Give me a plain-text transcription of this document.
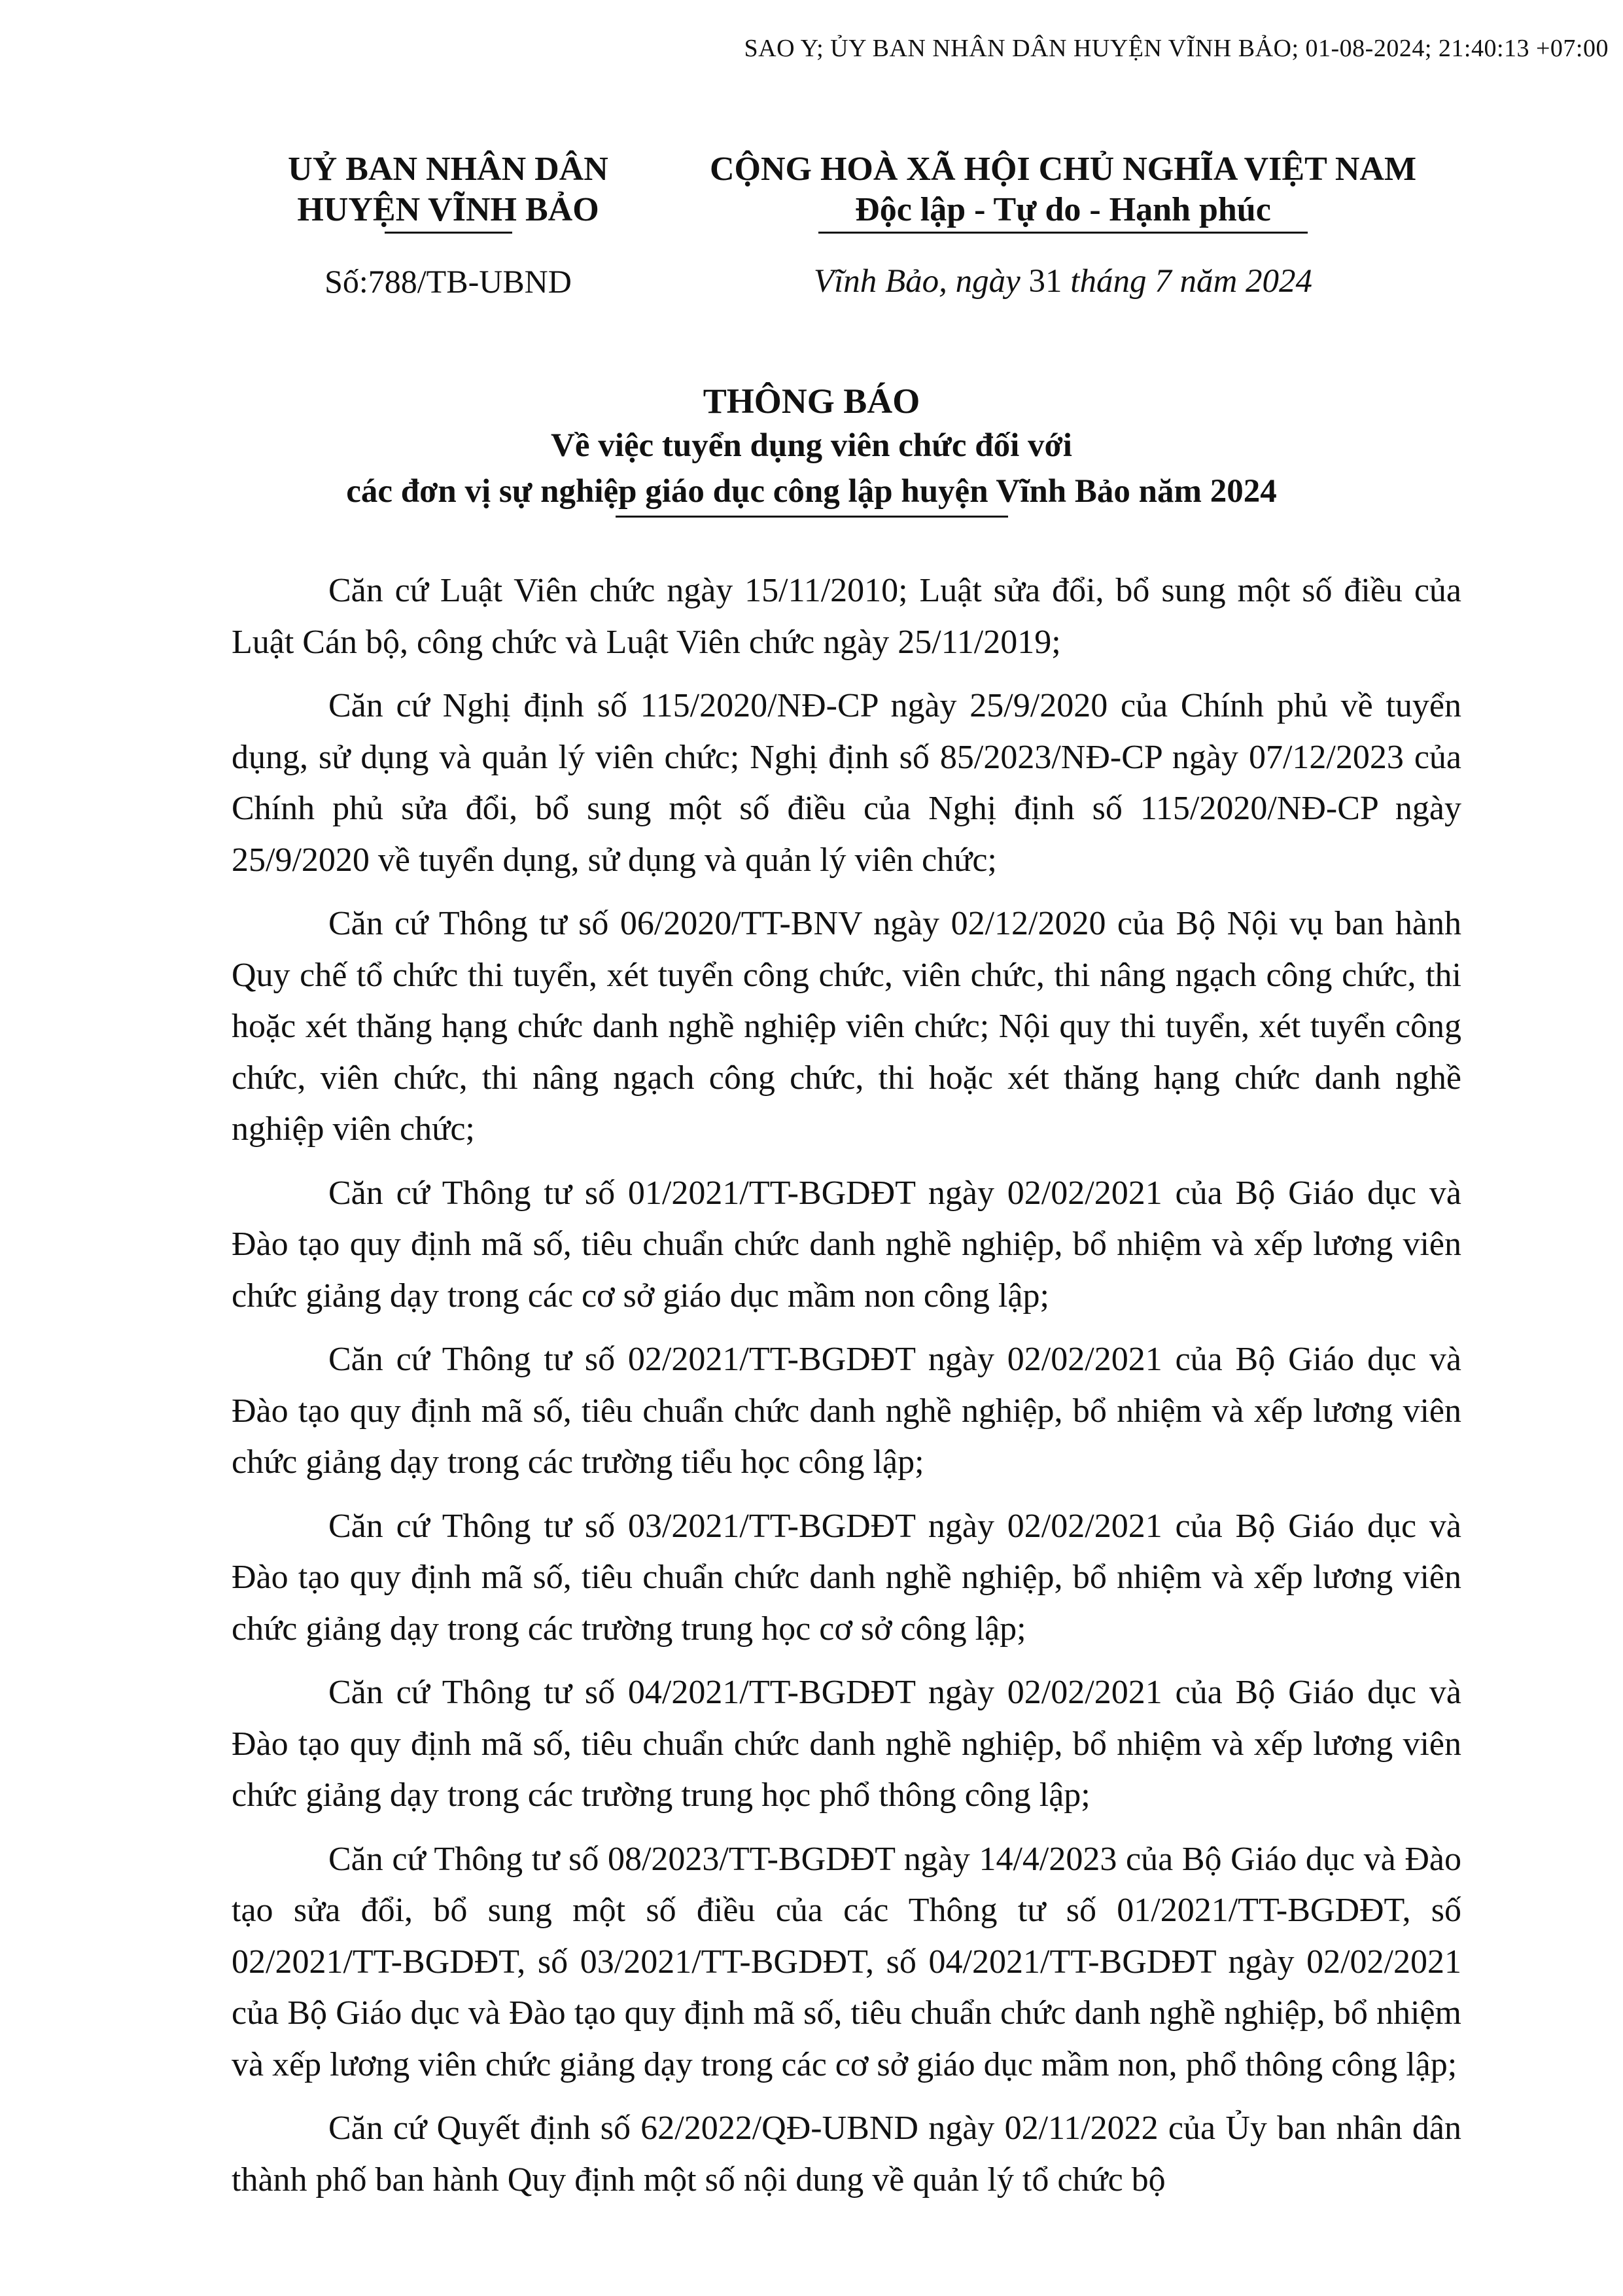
SAO Y; ỦY BAN NHÂN DÂN HUYỆN VĨNH BẢO; 01-08-2024; 21:40:13 +07:00
UỶ BAN NHÂN DÂN
HUYỆN VĨNH BẢO
Số:788/TB-UBND
CỘNG HOÀ XÃ HỘI CHỦ NGHĨA VIỆT NAM
Độc lập - Tự do - Hạnh phúc
Vĩnh Bảo, ngày 31 tháng 7 năm 2024
THÔNG BÁO
Về việc tuyển dụng viên chức đối với
các đơn vị sự nghiệp giáo dục công lập huyện Vĩnh Bảo năm 2024

Căn cứ Luật Viên chức ngày 15/11/2010; Luật sửa đổi, bổ sung một số điều của Luật Cán bộ, công chức và Luật Viên chức ngày 25/11/2019;

Căn cứ Nghị định số 115/2020/NĐ-CP ngày 25/9/2020 của Chính phủ về tuyển dụng, sử dụng và quản lý viên chức; Nghị định số 85/2023/NĐ-CP ngày 07/12/2023 của Chính phủ sửa đổi, bổ sung một số điều của Nghị định số 115/2020/NĐ-CP ngày 25/9/2020 về tuyển dụng, sử dụng và quản lý viên chức;

Căn cứ Thông tư số 06/2020/TT-BNV ngày 02/12/2020 của Bộ Nội vụ ban hành Quy chế tổ chức thi tuyển, xét tuyển công chức, viên chức, thi nâng ngạch công chức, thi hoặc xét thăng hạng chức danh nghề nghiệp viên chức; Nội quy thi tuyển, xét tuyển công chức, viên chức, thi nâng ngạch công chức, thi hoặc xét thăng hạng chức danh nghề nghiệp viên chức;

Căn cứ Thông tư số 01/2021/TT-BGDĐT ngày 02/02/2021 của Bộ Giáo dục và Đào tạo quy định mã số, tiêu chuẩn chức danh nghề nghiệp, bổ nhiệm và xếp lương viên chức giảng dạy trong các cơ sở giáo dục mầm non công lập;

Căn cứ Thông tư số 02/2021/TT-BGDĐT ngày 02/02/2021 của Bộ Giáo dục và Đào tạo quy định mã số, tiêu chuẩn chức danh nghề nghiệp, bổ nhiệm và xếp lương viên chức giảng dạy trong các trường tiểu học công lập;

Căn cứ Thông tư số 03/2021/TT-BGDĐT ngày 02/02/2021 của Bộ Giáo dục và Đào tạo quy định mã số, tiêu chuẩn chức danh nghề nghiệp, bổ nhiệm và xếp lương viên chức giảng dạy trong các trường trung học cơ sở công lập;

Căn cứ Thông tư số 04/2021/TT-BGDĐT ngày 02/02/2021 của Bộ Giáo dục và Đào tạo quy định mã số, tiêu chuẩn chức danh nghề nghiệp, bổ nhiệm và xếp lương viên chức giảng dạy trong các trường trung học phổ thông công lập;

Căn cứ Thông tư số 08/2023/TT-BGDĐT ngày 14/4/2023 của Bộ Giáo dục và Đào tạo sửa đổi, bổ sung một số điều của các Thông tư số 01/2021/TT-BGDĐT, số 02/2021/TT-BGDĐT, số 03/2021/TT-BGDĐT, số 04/2021/TT-BGDĐT ngày 02/02/2021 của Bộ Giáo dục và Đào tạo quy định mã số, tiêu chuẩn chức danh nghề nghiệp, bổ nhiệm và xếp lương viên chức giảng dạy trong các cơ sở giáo dục mầm non, phổ thông công lập;

Căn cứ Quyết định số 62/2022/QĐ-UBND ngày 02/11/2022 của Ủy ban nhân dân thành phố ban hành Quy định một số nội dung về quản lý tổ chức bộ
